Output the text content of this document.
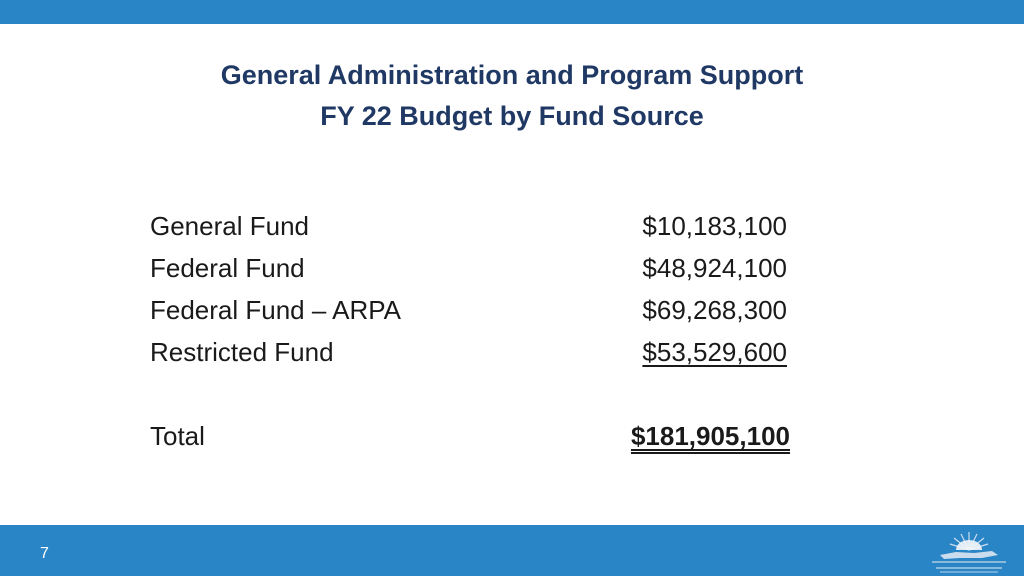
General Administration and Program Support
FY 22 Budget by Fund Source
General Fund	$10,183,100
Federal Fund	$48,924,100
Federal Fund – ARPA	$69,268,300
Restricted Fund	$53,529,600
Total	$181,905,100
7
